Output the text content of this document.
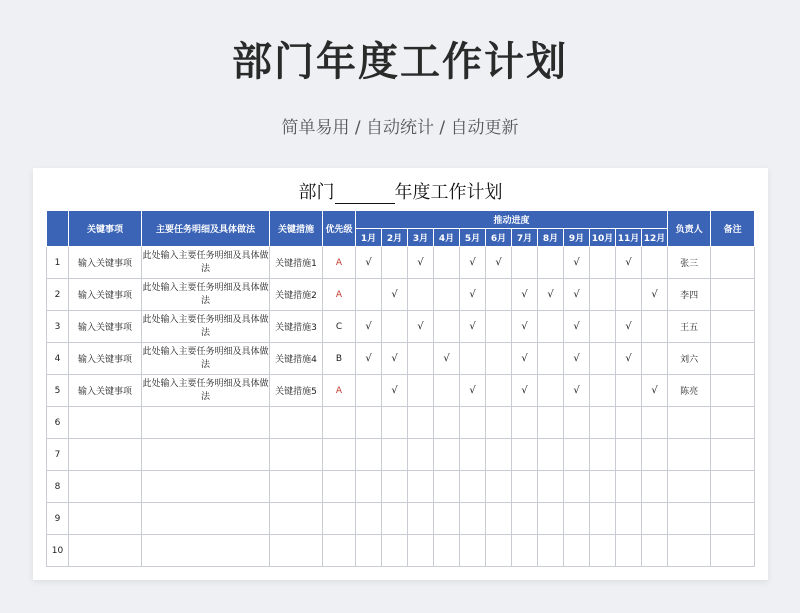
部门年度工作计划
简单易用 / 自动统计 / 自动更新
部门	年度工作计划
	关键事项	主要任务明细及具体做法	关键措施	优先级	推动进度												负责人	备注
					1月	2月	3月	4月	5月	6月	7月	8月	9月	10月	11月	12月		
1	输入关键事项	此处输入主要任务明细及具体做法	关键措施1	A	√		√		√	√			√		√		张三	
2	输入关键事项	此处输入主要任务明细及具体做法	关键措施2	A		√			√		√	√	√			√	李四	
3	输入关键事项	此处输入主要任务明细及具体做法	关键措施3	C	√		√		√		√		√		√		王五	
4	输入关键事项	此处输入主要任务明细及具体做法	关键措施4	B	√	√		√			√		√		√		刘六	
5	输入关键事项	此处输入主要任务明细及具体做法	关键措施5	A		√			√		√		√			√	陈亮	
6																		
7																		
8																		
9																		
10																		
